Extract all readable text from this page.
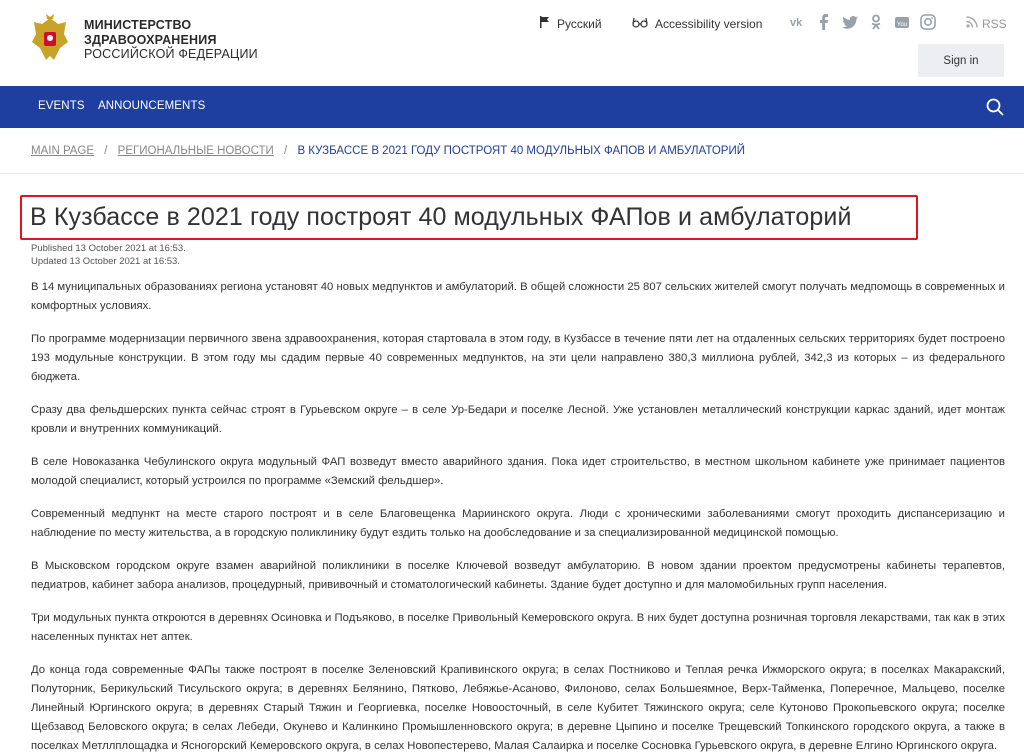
МИНИСТЕРСТВО
ЗДРАВООХРАНЕНИЯ
РОССИЙСКОЙ ФЕДЕРАЦИИ
Русский	Accessibility version	vk	You	RSS
Sign in
EVENTS ANNOUNCEMENTS
MAIN PAGE / РЕГИОНАЛЬНЫЕ НОВОСТИ / В КУЗБАССЕ В 2021 ГОДУ ПОСТРОЯТ 40 МОДУЛЬНЫХ ФАПОВ И АМБУЛАТОРИЙ
В Кузбассе в 2021 году построят 40 модульных ФАПов и амбулаторий
Published 13 October 2021 at 16:53.
Updated 13 October 2021 at 16:53.

В 14 муниципальных образованиях региона установят 40 новых медпунктов и амбулаторий. В общей сложности 25 807 сельских жителей смогут получать медпомощь в современных и комфортных условиях.

По программе модернизации первичного звена здравоохранения, которая стартовала в этом году, в Кузбассе в течение пяти лет на отдаленных сельских территориях будет построено 193 модульные конструкции. В этом году мы сдадим первые 40 современных медпунктов, на эти цели направлено 380,3 миллиона рублей, 342,3 из которых – из федерального бюджета.

Сразу два фельдшерских пункта сейчас строят в Гурьевском округе – в селе Ур-Бедари и поселке Лесной. Уже установлен металлический конструкции каркас зданий, идет монтаж кровли и внутренних коммуникаций.

В селе Новоказанка Чебулинского округа модульный ФАП возведут вместо аварийного здания. Пока идет строительство, в местном школьном кабинете уже принимает пациентов молодой специалист, который устроился по программе «Земский фельдшер».

Современный медпункт на месте старого построят и в селе Благовещенка Мариинского округа. Люди с хроническими заболеваниями смогут проходить диспансеризацию и наблюдение по месту жительства, а в городскую поликлинику будут ездить только на дообследование и за специализированной медицинской помощью.

В Мысковском городском округе взамен аварийной поликлиники в поселке Ключевой возведут амбулаторию. В новом здании проектом предусмотрены кабинеты терапевтов, педиатров, кабинет забора анализов, процедурный, прививочный и стоматологический кабинеты. Здание будет доступно и для маломобильных групп населения.

Три модульных пункта откроются в деревнях Осиновка и Подъяково, в поселке Привольный Кемеровского округа. В них будет доступна розничная торговля лекарствами, так как в этих населенных пунктах нет аптек.

До конца года современные ФАПы также построят в поселке Зеленовский Крапивинского округа; в селах Постниково и Теплая речка Ижморского округа; в поселках Макаракский, Полуторник, Берикульский Тисульского округа; в деревнях Белянино, Пятково, Лебяжье-Асаново, Филоново, селах Большеямное, Верх-Тайменка, Поперечное, Мальцево, поселке Линейный Юргинского округа; в деревнях Старый Тяжин и Георгиевка, поселке Новоосточный, в селе Кубитет Тяжинского округа; селе Кутоново Прокопьевского округа; поселке Щебзавод Беловского округа; в селах Лебеди, Окунево и Калинкино Промышленновского округа; в деревне Цыпино и поселке Трещевский Топкинского городского округа, а также в поселках Метллплощадка и Ясногорский Кемеровского округа, в селах Новопестерево, Малая Салаирка и поселке Сосновка Гурьевского округа, в деревне Елгино Юргинского округа.
